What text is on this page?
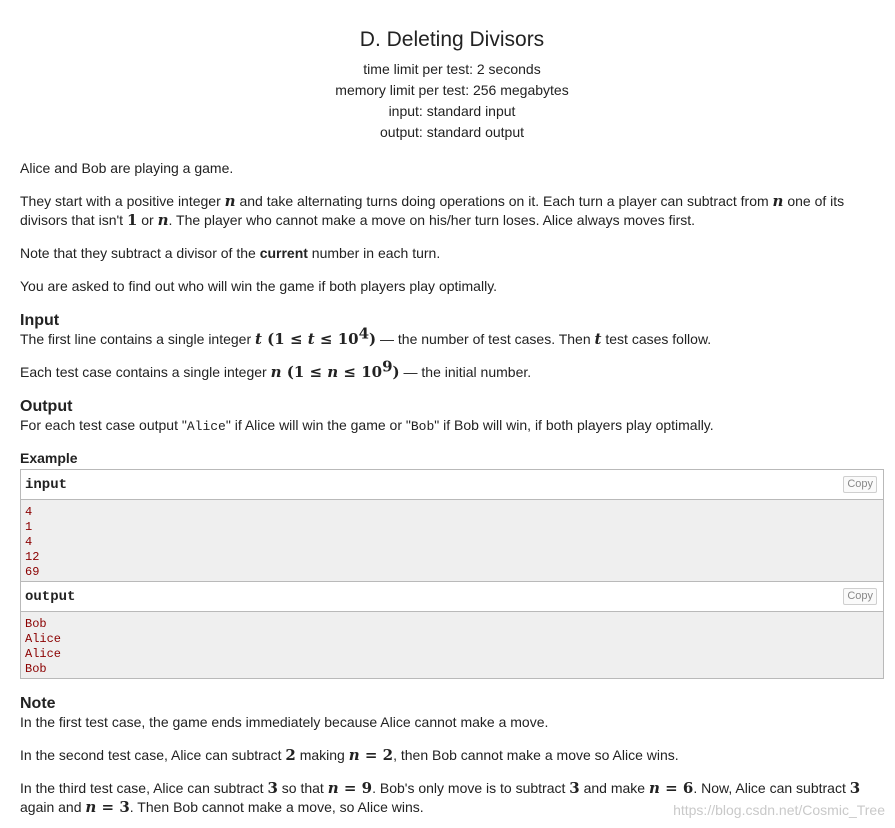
D. Deleting Divisors
time limit per test: 2 seconds
memory limit per test: 256 megabytes
input: standard input
output: standard output

Alice and Bob are playing a game.

They start with a positive integer n and take alternating turns doing operations on it. Each turn a player can subtract from n one of its divisors that isn't 1 or n. The player who cannot make a move on his/her turn loses. Alice always moves first.

Note that they subtract a divisor of the current number in each turn.

You are asked to find out who will win the game if both players play optimally.

Input

The first line contains a single integer t $(1 \le t \le 10^4)$ — the number of test cases. Then t test cases follow.

Each test case contains a single integer n $(1 \le n \le 10^9)$ — the initial number.

Output

For each test case output "Alice" if Alice will win the game or "Bob" if Bob will win, if both players play optimally.

Example
input	Copy
4
1
4
12
69
output	Copy
Bob
Alice
Alice
Bob
Note

In the first test case, the game ends immediately because Alice cannot make a move.

In the second test case, Alice can subtract 2 making n = 2, then Bob cannot make a move so Alice wins.

In the third test case, Alice can subtract 3 so that n = 9. Bob's only move is to subtract 3 and make n = 6. Now, Alice can subtract 3 again and n = 3. Then Bob cannot make a move, so Alice wins.	https://blog.csdn.net/Cosmic_Tree
